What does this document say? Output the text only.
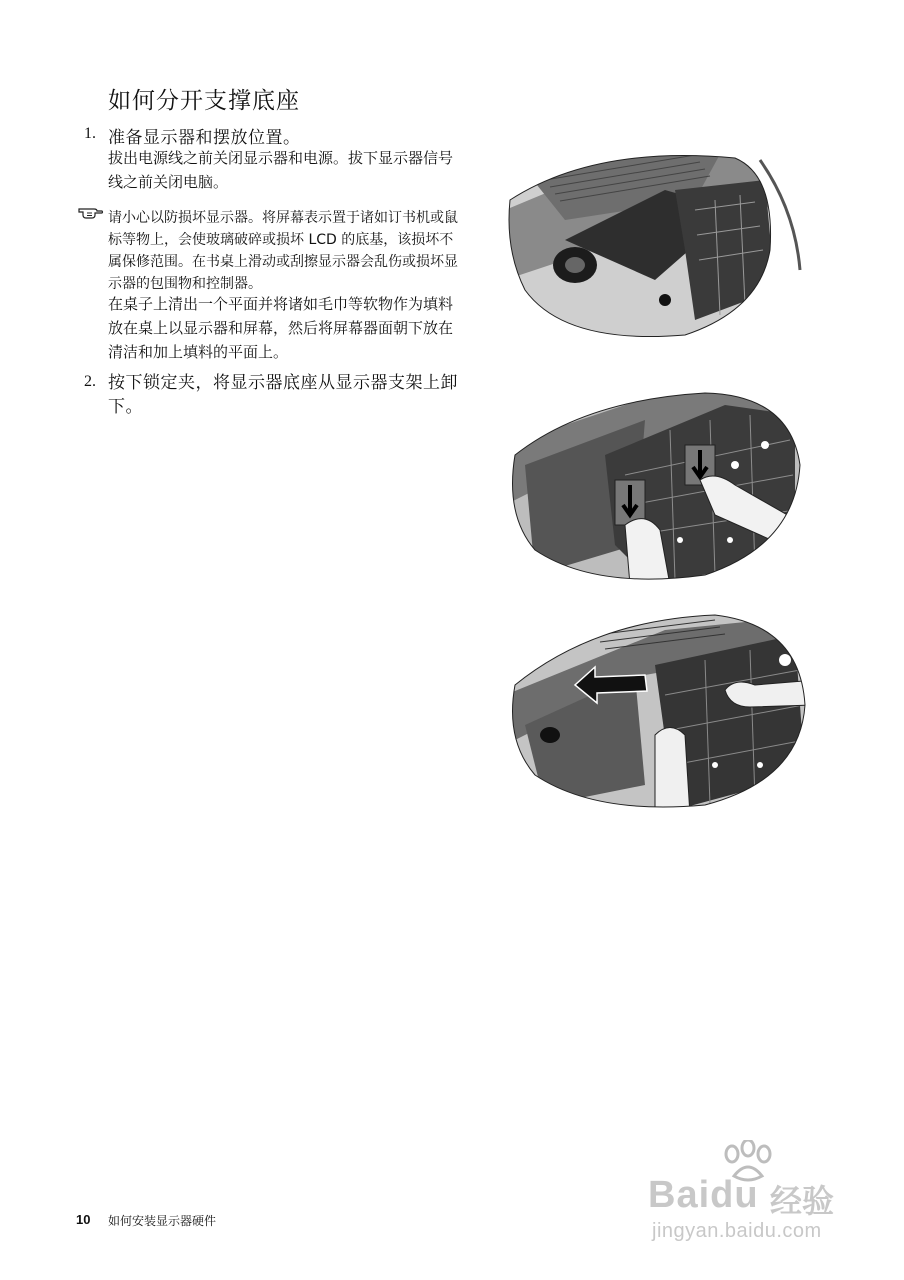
如何分开支撑底座
1. 准备显示器和摆放位置。
拔出电源线之前关闭显示器和电源。拔下显示器信号
线之前关闭电脑。
请小心以防损坏显示器。将屏幕表示置于诸如订书机或鼠
标等物上，会使玻璃破碎或损坏 LCD 的底基，该损坏不
属保修范围。在书桌上滑动或刮擦显示器会乱伤或损坏显
示器的包围物和控制器。
在桌子上清出一个平面并将诸如毛巾等软物作为填料
放在桌上以显示器和屏幕，然后将屏幕器面朝下放在
清洁和加上填料的平面上。
2. 按下锁定夹，将显示器底座从显示器支架上卸
下。
10 如何安装显示器硬件
Baidu 经验
jingyan.baidu.com
